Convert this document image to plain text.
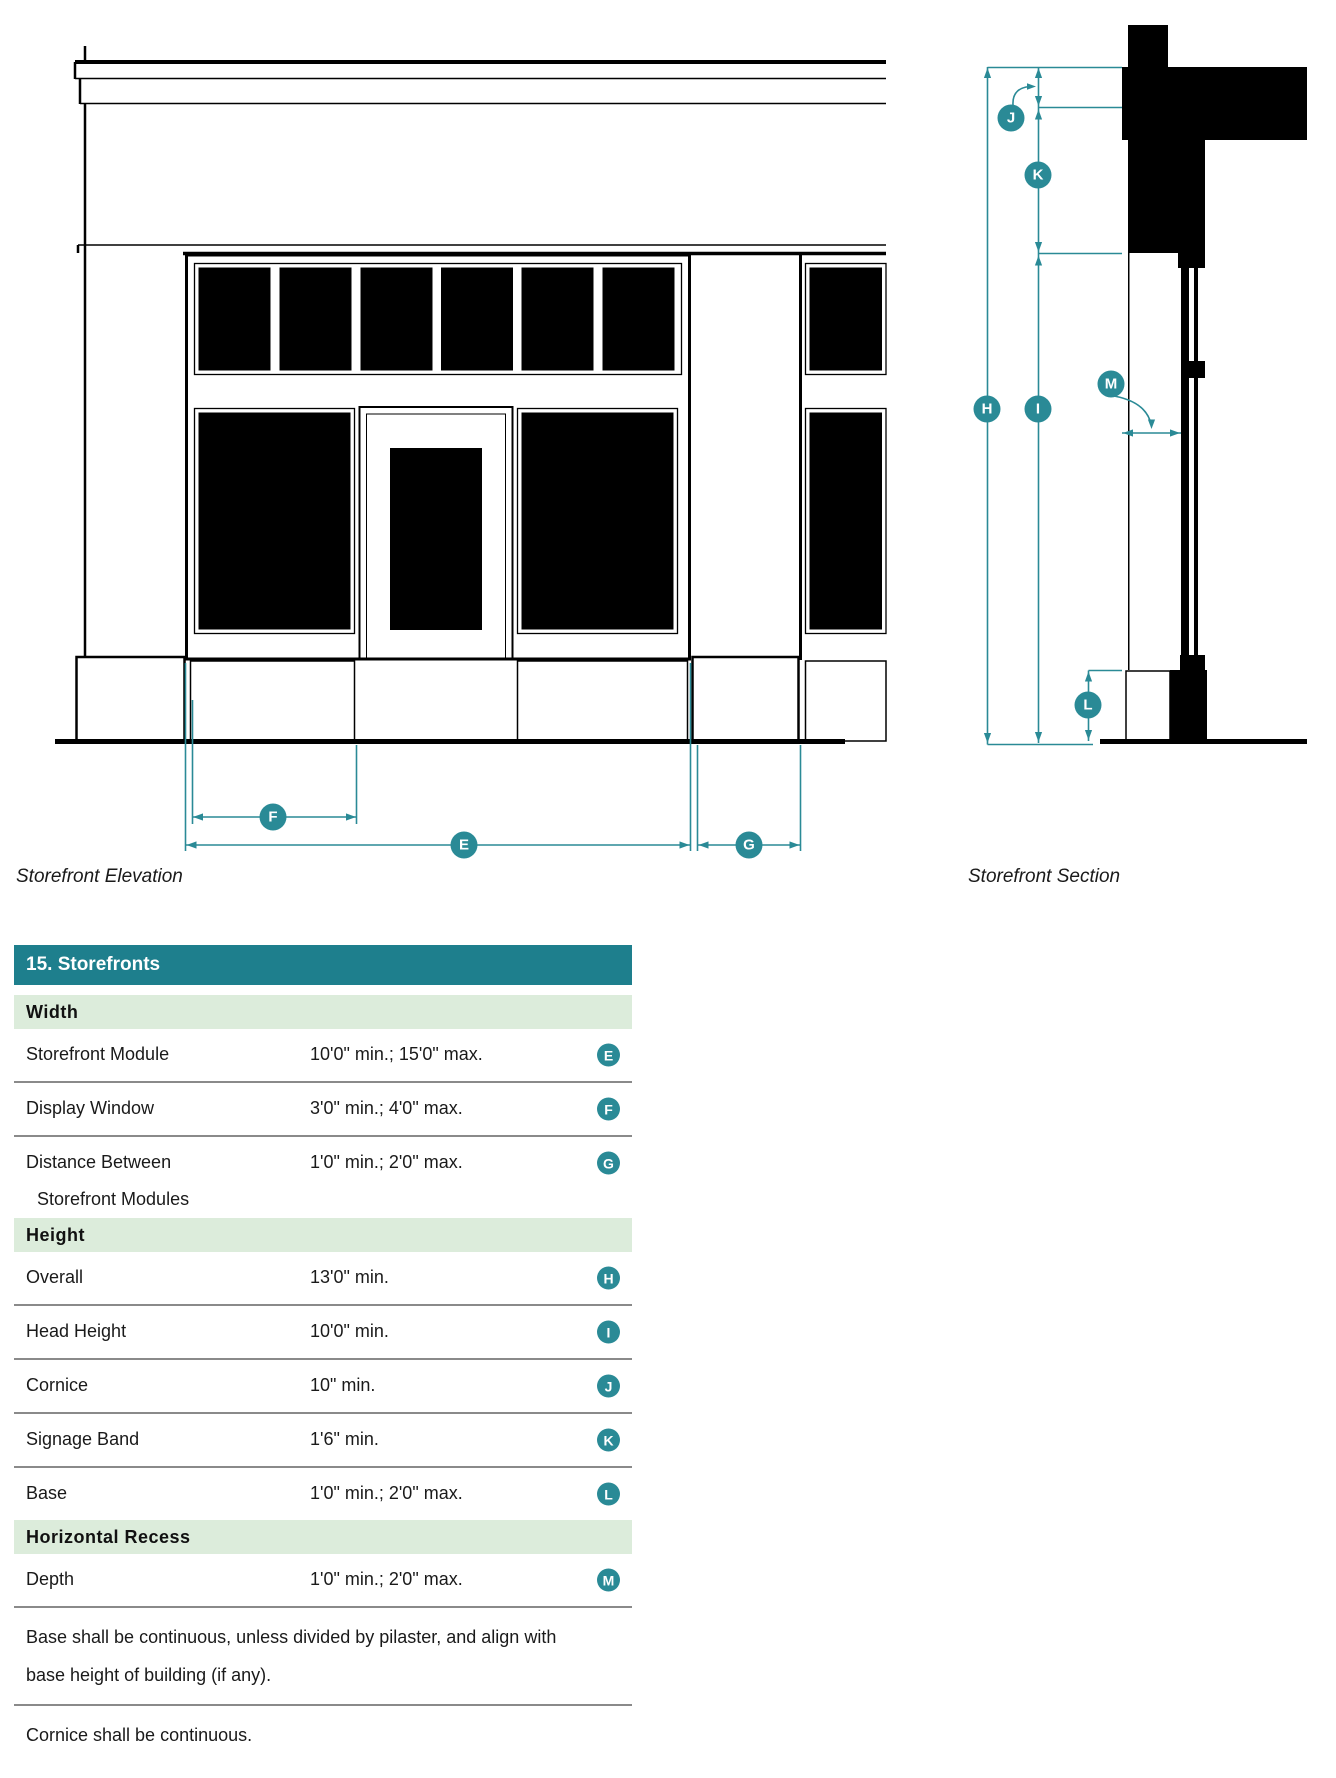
E
F
G
H	I
J
K
L
M
Storefront Elevation	Storefront Section
15. Storefronts
Width
Storefront Module	10'0" min.; 15'0" max.	E
Display Window	3'0" min.; 4'0" max.	F
Distance Between
Storefront Modules
1'0" min.; 2'0" max.	G
Height
Overall	13'0" min.	H
Head Height	10'0" min.	I
Cornice	10" min.	J
Signage Band	1'6" min.	K
Base	1'0" min.; 2'0" max.	L
Horizontal Recess
Depth	1'0" min.; 2'0" max.	M
Base shall be continuous, unless divided by pilaster, and align with base height of building (if any).
Cornice shall be continuous.
